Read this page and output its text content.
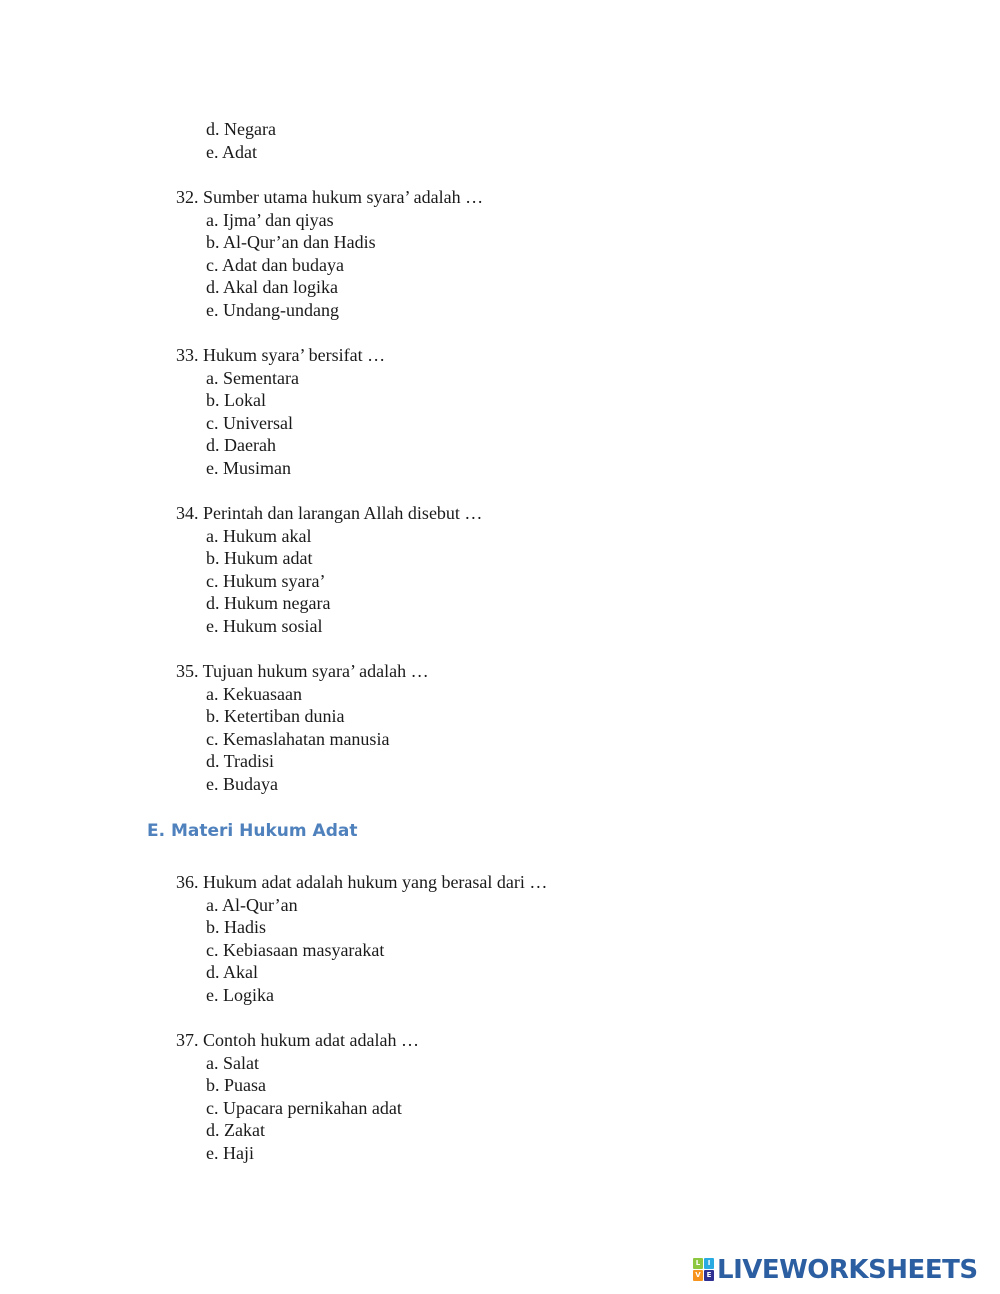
d. Negara

e. Adat

32. Sumber utama hukum syara’ adalah …

a. Ijma’ dan qiyas

b. Al-Qur’an dan Hadis

c. Adat dan budaya

d. Akal dan logika

e. Undang-undang

33. Hukum syara’ bersifat …

a. Sementara

b. Lokal

c. Universal

d. Daerah

e. Musiman

34. Perintah dan larangan Allah disebut …

a. Hukum akal

b. Hukum adat

c. Hukum syara’

d. Hukum negara

e. Hukum sosial

35. Tujuan hukum syara’ adalah …

a. Kekuasaan

b. Ketertiban dunia

c. Kemaslahatan manusia

d. Tradisi

e. Budaya

E. Materi Hukum Adat

36. Hukum adat adalah hukum yang berasal dari …

a. Al-Qur’an

b. Hadis

c. Kebiasaan masyarakat

d. Akal

e. Logika

37. Contoh hukum adat adalah …

a. Salat

b. Puasa

c. Upacara pernikahan adat

d. Zakat

e. Haji

L	I
V E LIVEWORKSHEETS
